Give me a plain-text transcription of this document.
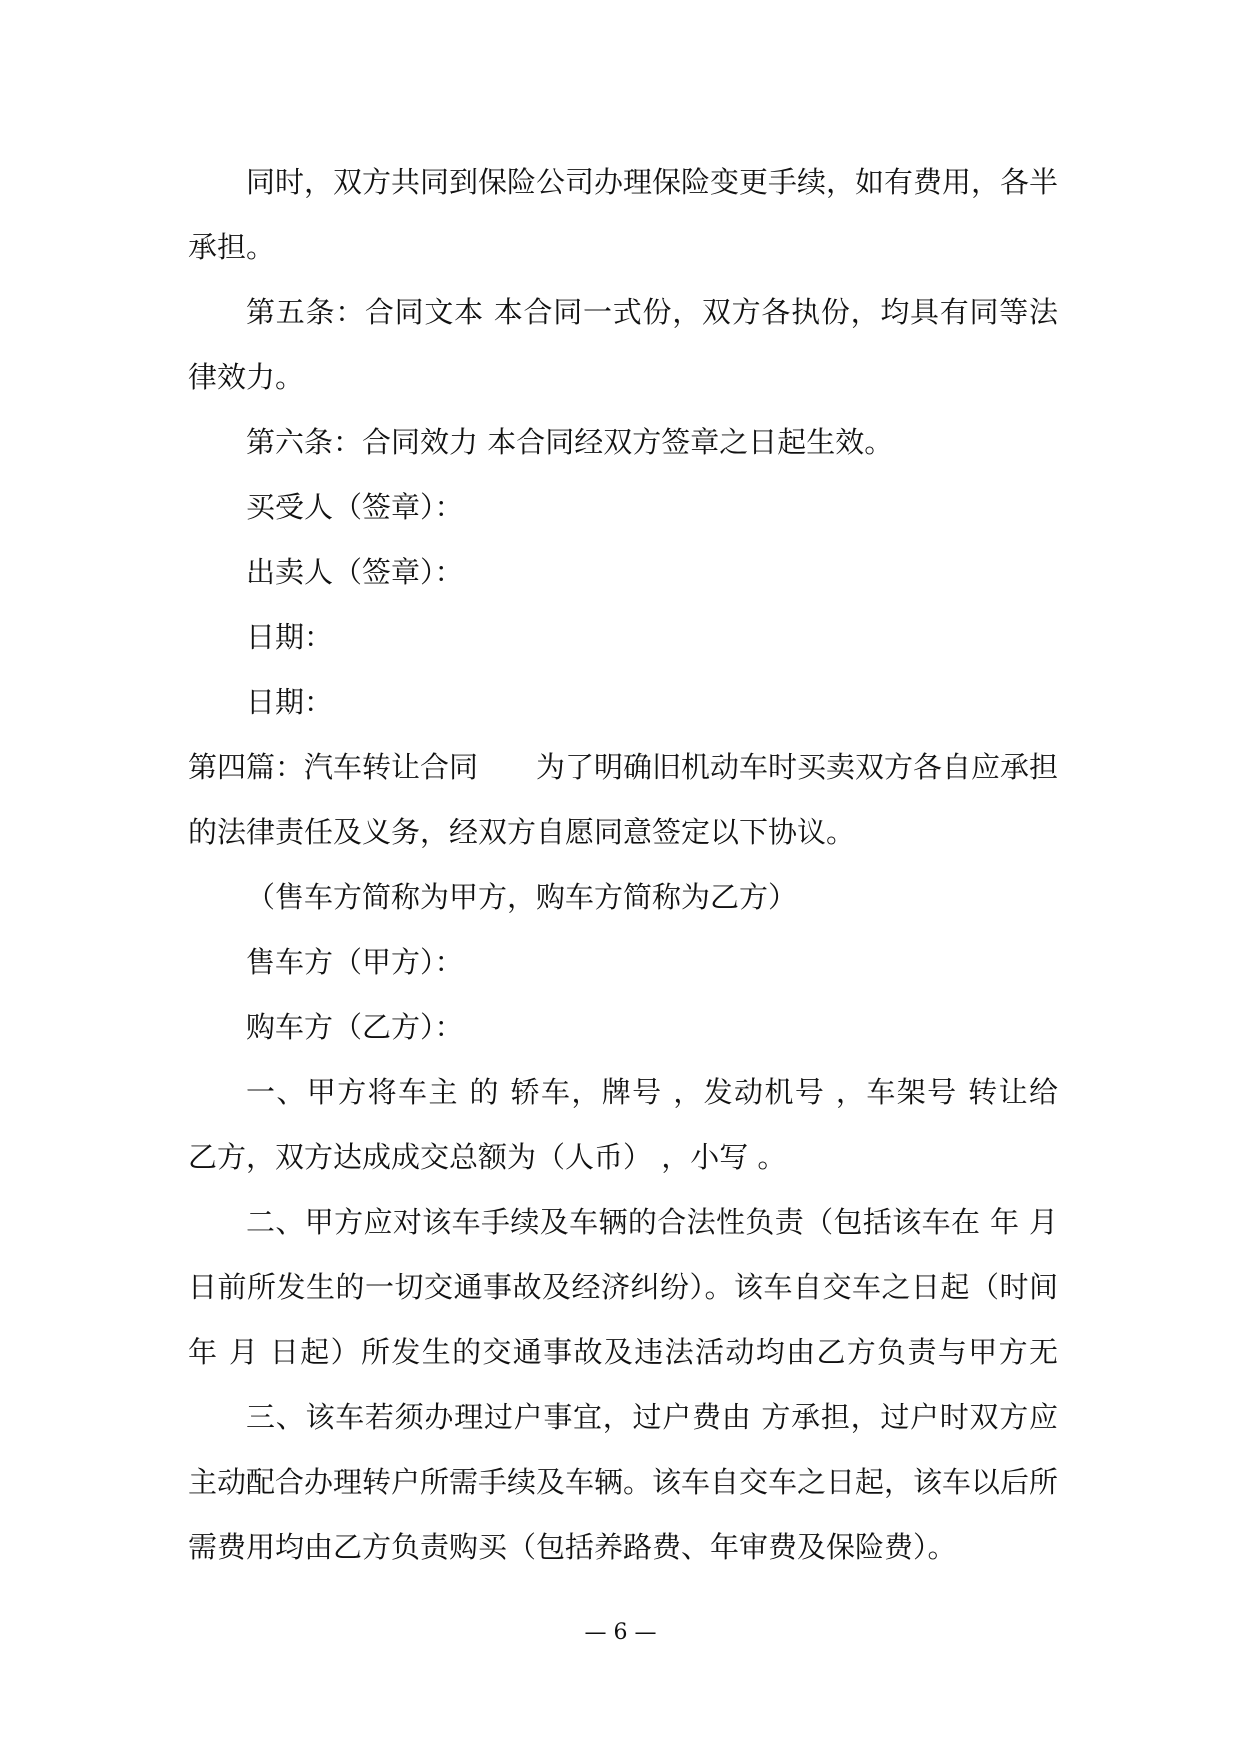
同时，双方共同到保险公司办理保险变更手续，如有费用，各半
承担。
第五条：合同文本 本合同一式份，双方各执份，均具有同等法
律效力。
第六条：合同效力 本合同经双方签章之日起生效。
买受人（签章）：
出卖人（签章）：
日期：
日期：
第四篇：汽车转让合同 为了明确旧机动车时买卖双方各自应承担
的法律责任及义务，经双方自愿同意签定以下协议。
（售车方简称为甲方，购车方简称为乙方）
售车方（甲方）：
购车方（乙方）：
一、甲方将车主 的 轿车，牌号 ，发动机号 ，车架号 转让给
乙方，双方达成成交总额为（人币） ，小写 。
二、甲方应对该车手续及车辆的合法性负责（包括该车在 年 月
日前所发生的一切交通事故及经济纠纷）。该车自交车之日起（时间
年 月 日起）所发生的交通事故及违法活动均由乙方负责与甲方无
三、该车若须办理过户事宜，过户费由 方承担，过户时双方应
主动配合办理转户所需手续及车辆。该车自交车之日起，该车以后所
需费用均由乙方负责购买（包括养路费、年审费及保险费）。
— 6 —
